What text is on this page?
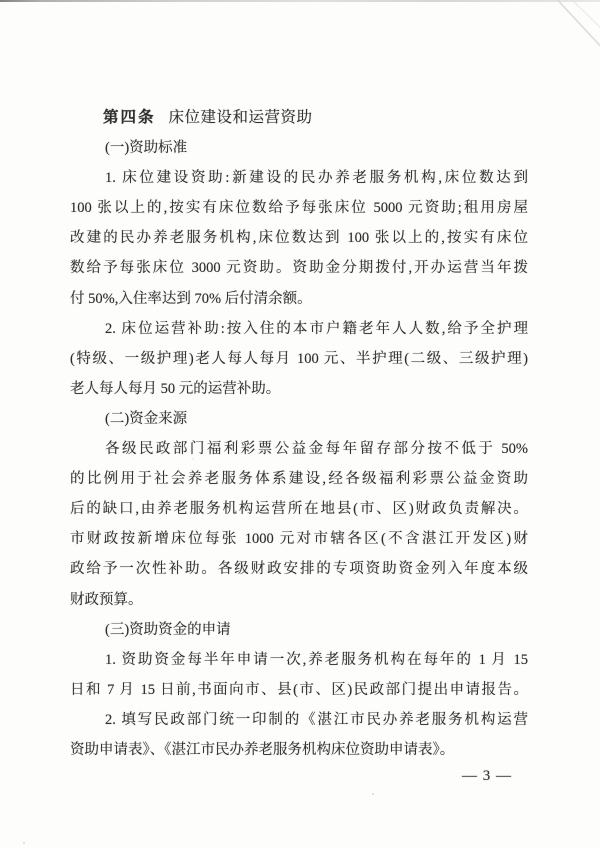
第四条 床位建设和运营资助
(一)资助标准
1. 床位建设资助:新建设的民办养老服务机构,床位数达到
100 张以上的,按实有床位数给予每张床位 5000 元资助;租用房屋
改建的民办养老服务机构,床位数达到 100 张以上的,按实有床位
数给予每张床位 3000 元资助。资助金分期拨付,开办运营当年拨
付 50%,入住率达到 70% 后付清余额。
2. 床位运营补助:按入住的本市户籍老年人人数,给予全护理
(特级、一级护理)老人每人每月 100 元、半护理(二级、三级护理)
老人每人每月 50 元的运营补助。
(二)资金来源
各级民政部门福利彩票公益金每年留存部分按不低于 50%
的比例用于社会养老服务体系建设,经各级福利彩票公益金资助
后的缺口,由养老服务机构运营所在地县(市、区)财政负责解决。
市财政按新增床位每张 1000 元对市辖各区(不含湛江开发区)财
政给予一次性补助。各级财政安排的专项资助资金列入年度本级
财政预算。
(三)资助资金的申请
1. 资助资金每半年申请一次,养老服务机构在每年的 1 月 15
日和 7 月 15 日前,书面向市、县(市、区)民政部门提出申请报告。
2. 填写民政部门统一印制的《湛江市民办养老服务机构运营
资助申请表》、《湛江市民办养老服务机构床位资助申请表》。
— 3 —
